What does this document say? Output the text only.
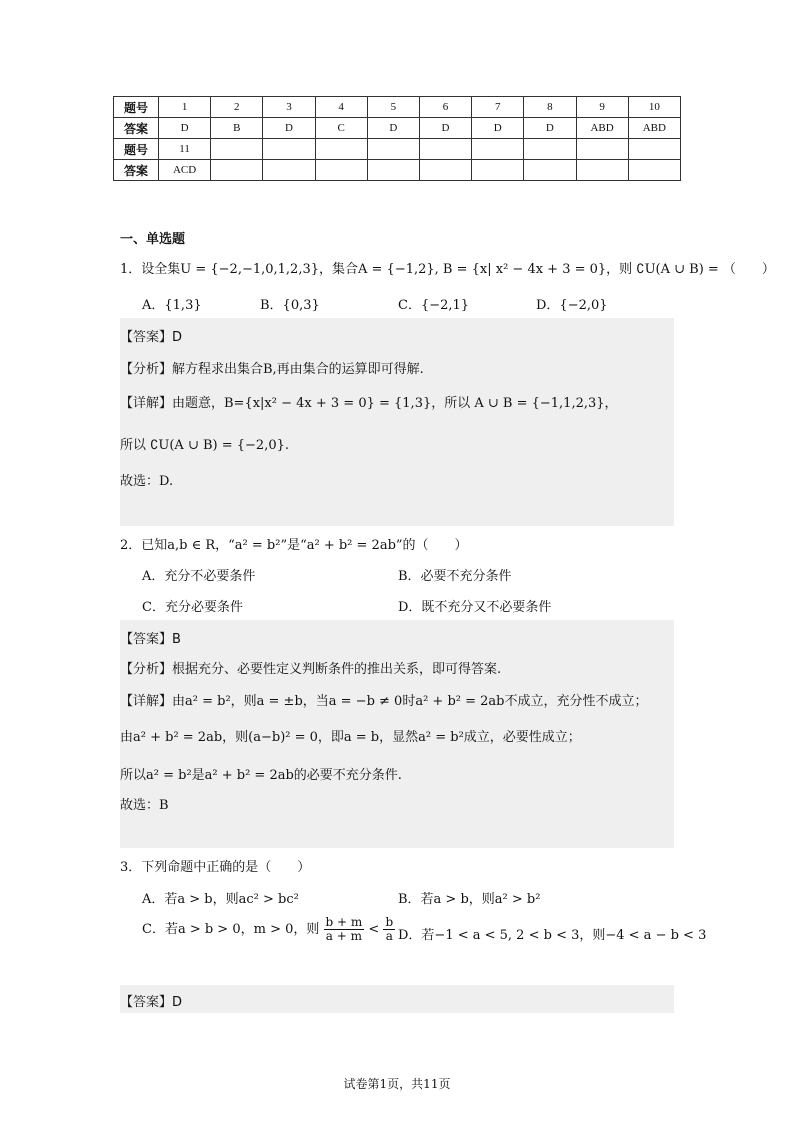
题号	1	2	3	4	5	6	7	8	9	10
答案	D	B	D	C	D	D	D	D	ABD	ABD
题号	11									
答案	ACD									
一、单选题
1．设全集U = {−2,−1,0,1,2,3}，集合A = {−1,2}, B = {x| x² − 4x + 3 = 0}，则 ∁U(A ∪ B) = （　　）
A．{1,3}	B．{0,3}	C．{−2,1}	D．{−2,0}
【答案】D
【分析】解方程求出集合B,再由集合的运算即可得解.
【详解】由题意，B={x|x² − 4x + 3 = 0} = {1,3}，所以 A ∪ B = {−1,1,2,3}，
所以 ∁U(A ∪ B) = {−2,0}.
故选：D.
2．已知a,b ∈ R，“a² = b²”是“a² + b² = 2ab”的（　　）
A．充分不必要条件	B．必要不充分条件
C．充分必要条件	D．既不充分又不必要条件
【答案】B
【分析】根据充分、必要性定义判断条件的推出关系，即可得答案.
【详解】由a² = b²，则a = ±b，当a = −b ≠ 0时a² + b² = 2ab不成立，充分性不成立；
由a² + b² = 2ab，则(a−b)² = 0，即a = b，显然a² = b²成立，必要性成立；
所以a² = b²是a² + b² = 2ab的必要不充分条件.
故选：B
3．下列命题中正确的是（　　）
A．若a > b，则ac² > bc²	B．若a > b，则a² > b²
C．若a > b > 0，m > 0，则 $\frac{b + m}{a + m} < \frac{b}{a}$ D．若−1 < a < 5, 2 < b < 3，则−4 < a − b < 3
【答案】D
试卷第1页，共11页
